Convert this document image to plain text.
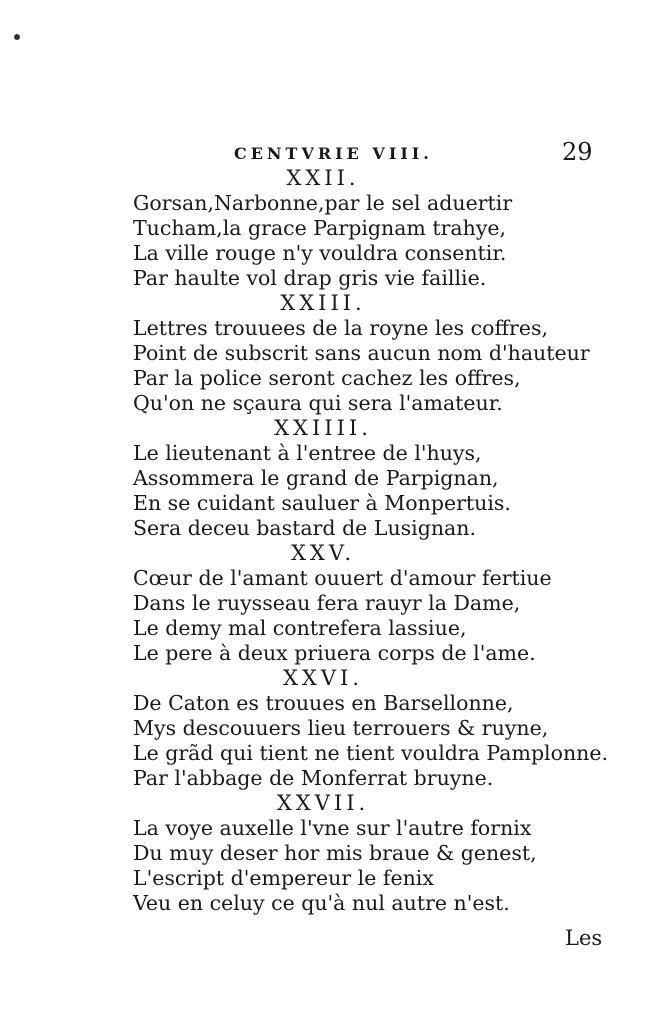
CENTVRIE VIII.	29
XXII.
Gorsan,Narbonne,par le sel aduertir
Tucham,la grace Parpignam trahye,
La ville rouge n'y vouldra consentir.
Par haulte vol drap gris vie faillie.
XXIII.
Lettres trouuees de la royne les coffres,
Point de subscrit sans aucun nom d'hauteur
Par la police seront cachez les offres,
Qu'on ne sçaura qui sera l'amateur.
XXIIII.
Le lieutenant à l'entree de l'huys,
Assommera le grand de Parpignan,
En se cuidant sauluer à Monpertuis.
Sera deceu bastard de Lusignan.
XXV.
Cœur de l'amant ouuert d'amour fertiue
Dans le ruysseau fera rauyr la Dame,
Le demy mal contrefera lassiue,
Le pere à deux priuera corps de l'ame.
XXVI.
De Caton es trouues en Barsellonne,
Mys descouuers lieu terrouers & ruyne,
Le grãd qui tient ne tient vouldra Pamplonne.
Par l'abbage de Monferrat bruyne.
XXVII.
La voye auxelle l'vne sur l'autre fornix
Du muy deser hor mis braue & genest,
L'escript d'empereur le fenix
Veu en celuy ce qu'à nul autre n'est.
Les
